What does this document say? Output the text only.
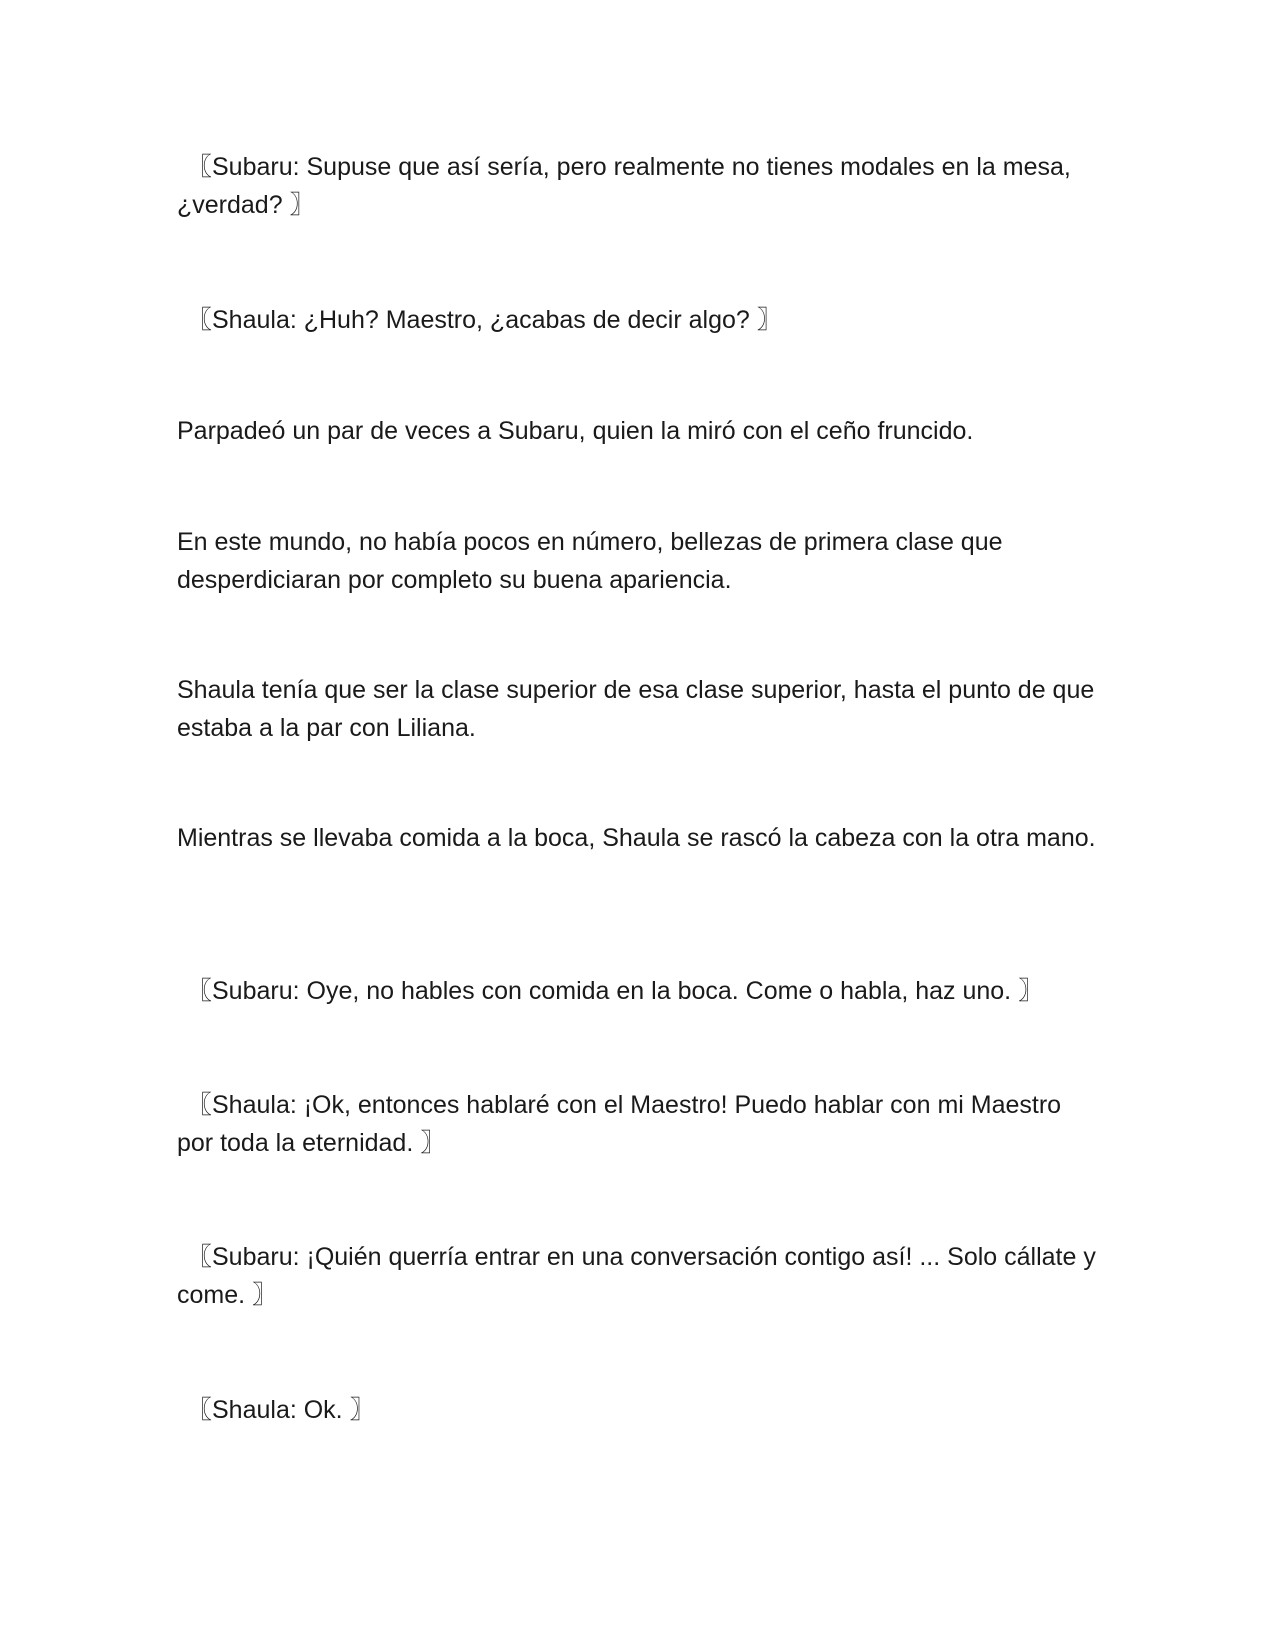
〖Subaru: Supuse que así sería, pero realmente no tienes modales en la mesa, ¿verdad? 〗

〖Shaula: ¿Huh? Maestro, ¿acabas de decir algo? 〗

Parpadeó un par de veces a Subaru, quien la miró con el ceño fruncido.

En este mundo, no había pocos en número, bellezas de primera clase que desperdiciaran por completo su buena apariencia.

Shaula tenía que ser la clase superior de esa clase superior, hasta el punto de que estaba a la par con Liliana.

Mientras se llevaba comida a la boca, Shaula se rascó la cabeza con la otra mano.

〖Subaru: Oye, no hables con comida en la boca. Come o habla, haz uno. 〗

〖Shaula: ¡Ok, entonces hablaré con el Maestro! Puedo hablar con mi Maestro por toda la eternidad. 〗

〖Subaru: ¡Quién querría entrar en una conversación contigo así! ... Solo cállate y come. 〗

〖Shaula: Ok. 〗
